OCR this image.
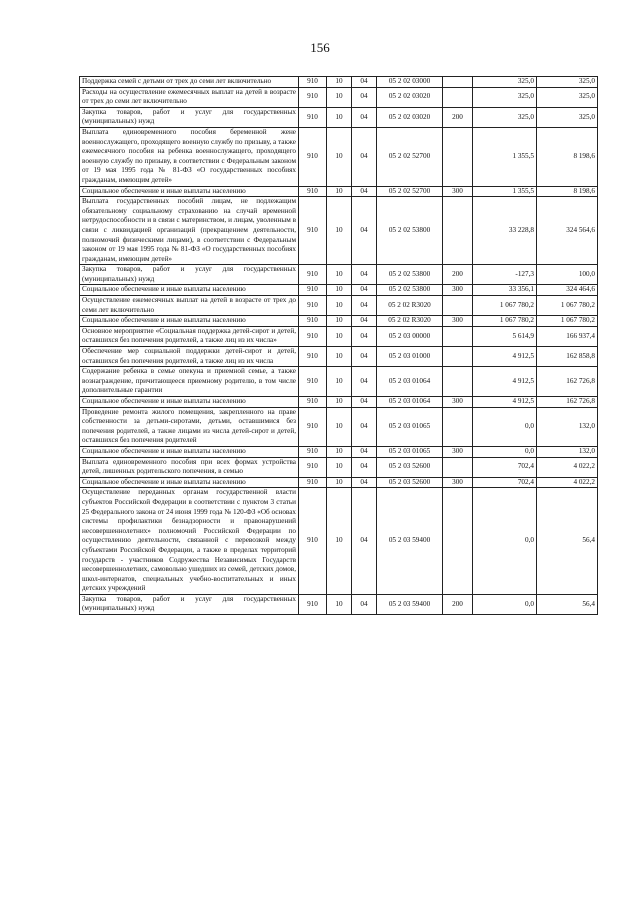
156
Поддержка семей с детьми от трех до семи лет включительно	910	10	04	05 2 02 03000		325,0	325,0
Расходы на осуществление ежемесячных выплат на детей в возрасте от трех до семи лет включительно	910	10	04	05 2 02 03020		325,0	325,0
Закупка товаров, работ и услуг для государственных (муниципальных) нужд	910	10	04	05 2 02 03020	200	325,0	325,0
Выплата единовременного пособия беременной жене военнослужащего, проходящего военную службу по призыву, а также ежемесячного пособия на ребенка военнослужащего, проходящего военную службу по призыву, в соответствии с Федеральным законом от 19 мая 1995 года № 81-ФЗ «О государственных пособиях гражданам, имеющим детей»	910	10	04	05 2 02 52700		1 355,5	8 198,6
Социальное обеспечение и иные выплаты населению	910	10	04	05 2 02 52700	300	1 355,5	8 198,6
Выплата государственных пособий лицам, не подлежащим обязательному социальному страхованию на случай временной нетрудоспособности и в связи с материнством, и лицам, уволенным в связи с ликвидацией организаций (прекращением деятельности, полномочий физическими лицами), в соответствии с Федеральным законом от 19 мая 1995 года № 81-ФЗ «О государственных пособиях гражданам, имеющим детей»	910	10	04	05 2 02 53800		33 228,8	324 564,6
Закупка товаров, работ и услуг для государственных (муниципальных) нужд	910	10	04	05 2 02 53800	200	-127,3	100,0
Социальное обеспечение и иные выплаты населению	910	10	04	05 2 02 53800	300	33 356,1	324 464,6
Осуществление ежемесячных выплат на детей в возрасте от трех до семи лет включительно	910	10	04	05 2 02 R3020		1 067 780,2	1 067 780,2
Социальное обеспечение и иные выплаты населению	910	10	04	05 2 02 R3020	300	1 067 780,2	1 067 780,2
Основное мероприятие «Социальная поддержка детей-сирот и детей, оставшихся без попечения родителей, а также лиц из их числа»	910	10	04	05 2 03 00000		5 614,9	166 937,4
Обеспечение мер социальной поддержки детей-сирот и детей, оставшихся без попечения родителей, а также лиц из их числа	910	10	04	05 2 03 01000		4 912,5	162 858,8
Содержание ребенка в семье опекуна и приемной семье, а также вознаграждение, причитающееся приемному родителю, в том числе дополнительные гарантии	910	10	04	05 2 03 01064		4 912,5	162 726,8
Социальное обеспечение и иные выплаты населению	910	10	04	05 2 03 01064	300	4 912,5	162 726,8
Проведение ремонта жилого помещения, закрепленного на праве собственности за детьми-сиротами, детьми, оставшимися без попечения родителей, а также лицами из числа детей-сирот и детей, оставшихся без попечения родителей	910	10	04	05 2 03 01065		0,0	132,0
Социальное обеспечение и иные выплаты населению	910	10	04	05 2 03 01065	300	0,0	132,0
Выплата единовременного пособия при всех формах устройства детей, лишенных родительского попечения, в семью	910	10	04	05 2 03 52600		702,4	4 022,2
Социальное обеспечение и иные выплаты населению	910	10	04	05 2 03 52600	300	702,4	4 022,2
Осуществление переданных органам государственной власти субъектов Российской Федерации в соответствии с пунктом 3 статьи 25 Федерального закона от 24 июня 1999 года № 120-ФЗ «Об основах системы профилактики безнадзорности и правонарушений несовершеннолетних» полномочий Российской Федерации по осуществлению деятельности, связанной с перевозкой между субъектами Российской Федерации, а также в пределах территорий государств - участников Содружества Независимых Государств несовершеннолетних, самовольно ушедших из семей, детских домов, школ-интернатов, специальных учебно-воспитательных и иных детских учреждений	910	10	04	05 2 03 59400		0,0	56,4
Закупка товаров, работ и услуг для государственных (муниципальных) нужд	910	10	04	05 2 03 59400	200	0,0	56,4
